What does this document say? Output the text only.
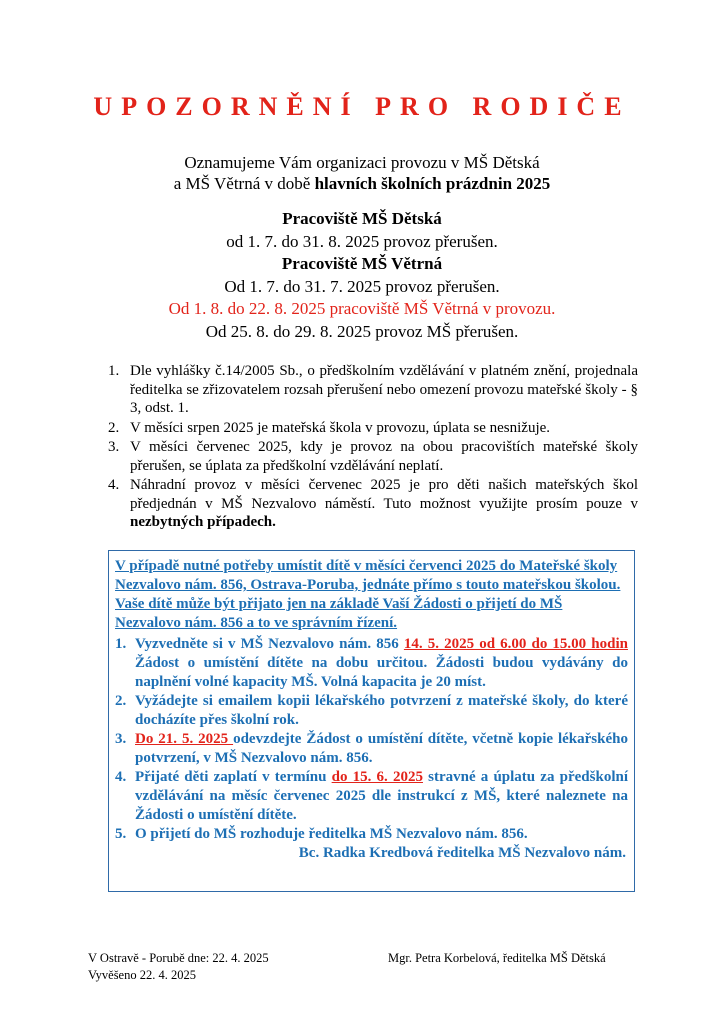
UPOZORNĚNÍ PRO RODIČE
Oznamujeme Vám organizaci provozu v MŠ Dětská
a MŠ Větrná v době hlavních školních prázdnin 2025
Pracoviště MŠ Dětská
od 1. 7. do 31. 8. 2025 provoz přerušen.
Pracoviště MŠ Větrná
Od 1. 7. do 31. 7. 2025 provoz přerušen.
Od 1. 8. do 22. 8. 2025 pracoviště MŠ Větrná v provozu.
Od 25. 8. do 29. 8. 2025 provoz MŠ přerušen.
1. Dle vyhlášky č.14/2005 Sb., o předškolním vzdělávání v platném znění, projednala ředitelka se zřizovatelem rozsah přerušení nebo omezení provozu mateřské školy - § 3, odst. 1.
2. V měsíci srpen 2025 je mateřská škola v provozu, úplata se nesnižuje.
3. V měsíci červenec 2025, kdy je provoz na obou pracovištích mateřské školy přerušen, se úplata za předškolní vzdělávání neplatí.
4. Náhradní provoz v měsíci červenec 2025 je pro děti našich mateřských škol předjednán v MŠ Nezvalovo náměstí. Tuto možnost využijte prosím pouze v nezbytných případech.

V případě nutné potřeby umístit dítě v měsíci červenci 2025 do Mateřské školy Nezvalovo nám. 856, Ostrava-Poruba, jednáte přímo s touto mateřskou školou.

Vaše dítě může být přijato jen na základě Vaší Žádosti o přijetí do MŠ Nezvalovo nám. 856 a to ve správním řízení.

1. Vyzvedněte si v MŠ Nezvalovo nám. 856 14. 5. 2025 od 6.00 do 15.00 hodin Žádost o umístění dítěte na dobu určitou. Žádosti budou vydávány do naplnění volné kapacity MŠ. Volná kapacita je 20 míst.
2. Vyžádejte si emailem kopii lékařského potvrzení z mateřské školy, do které docházíte přes školní rok.
3. Do 21. 5. 2025 odevzdejte Žádost o umístění dítěte, včetně kopie lékařského potvrzení, v MŠ Nezvalovo nám. 856.
4. Přijaté děti zaplatí v termínu do 15. 6. 2025 stravné a úplatu za předškolní vzdělávání na měsíc červenec 2025 dle instrukcí z MŠ, které naleznete na Žádosti o umístění dítěte.
5. O přijetí do MŠ rozhoduje ředitelka MŠ Nezvalovo nám. 856.

Bc. Radka Kredbová ředitelka MŠ Nezvalovo nám.

V Ostravě - Porubě dne: 22. 4. 2025
Vyvěšeno 22. 4. 2025
Mgr. Petra Korbelová, ředitelka MŠ Dětská
